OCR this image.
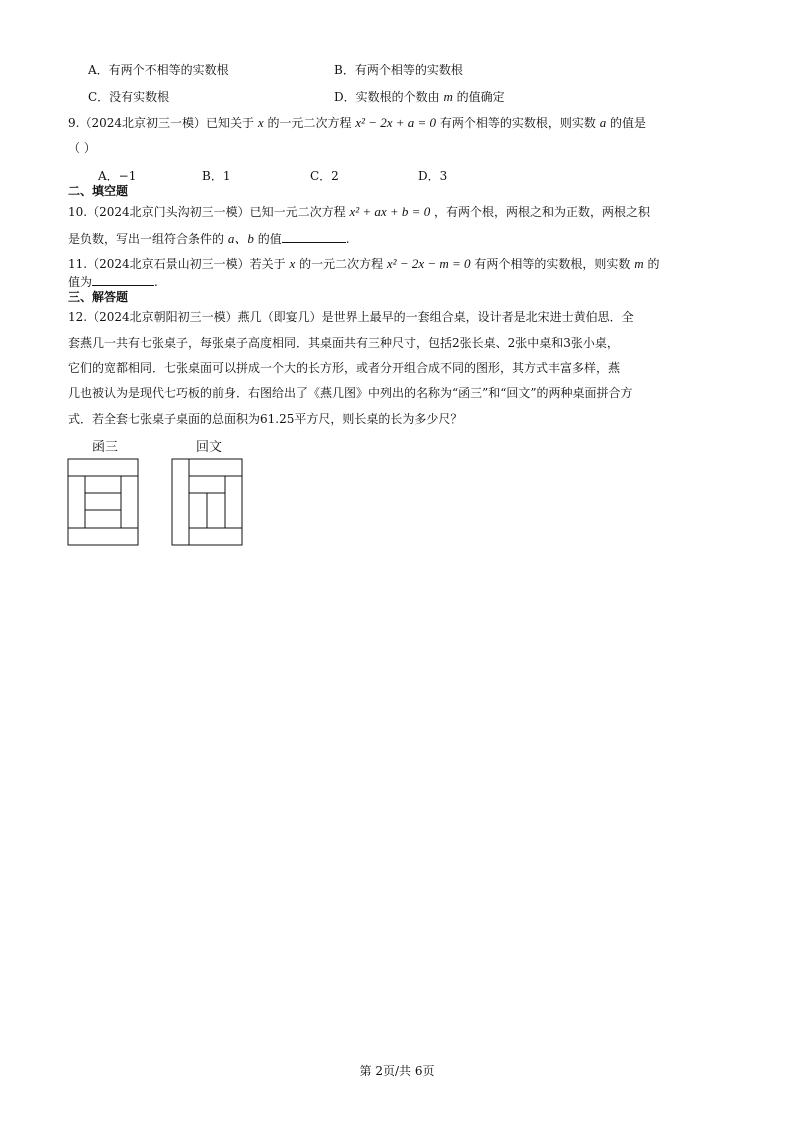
A．有两个不相等的实数根	B．有两个相等的实数根
C．没有实数根	D．实数根的个数由 m 的值确定
9.（2024北京初三一模）已知关于 x 的一元二次方程 x² − 2x + a = 0 有两个相等的实数根，则实数 a 的值是
（ ）
A．−1	B．1	C．2	D．3
二、填空题
10.（2024北京门头沟初三一模）已知一元二次方程 x² + ax + b = 0 ，有两个根，两根之和为正数，两根之积
是负数，写出一组符合条件的 a、b 的值	.
11.（2024北京石景山初三一模）若关于 x 的一元二次方程 x² − 2x − m = 0 有两个相等的实数根，则实数 m 的
值为	.
三、解答题
12.（2024北京朝阳初三一模）燕几（即宴几）是世界上最早的一套组合桌，设计者是北宋进士黄伯思．全
套燕几一共有七张桌子，每张桌子高度相同．其桌面共有三种尺寸，包括2张长桌、2张中桌和3张小桌，
它们的宽都相同．七张桌面可以拼成一个大的长方形，或者分开组合成不同的图形，其方式丰富多样，燕
几也被认为是现代七巧板的前身．右图给出了《燕几图》中列出的名称为“函三”和“回文”的两种桌面拼合方
式．若全套七张桌子桌面的总面积为61.25平方尺，则长桌的长为多少尺？
函三	回文
第 2页/共 6页
